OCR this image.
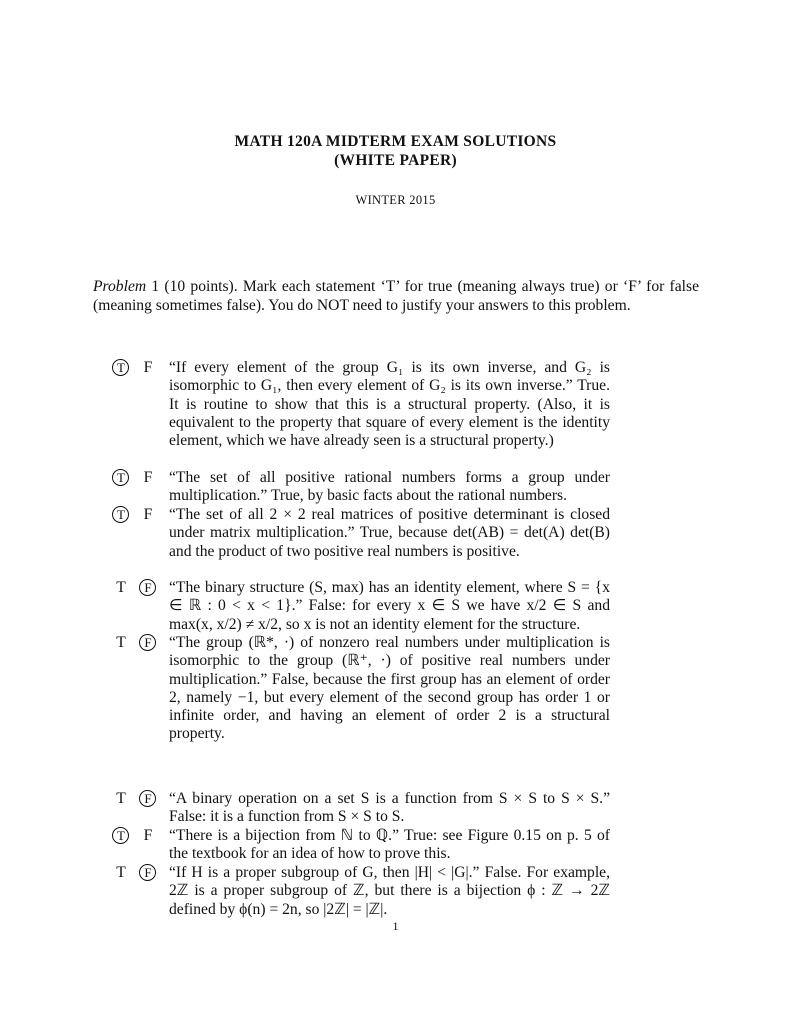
MATH 120A MIDTERM EXAM SOLUTIONS
(WHITE PAPER)
WINTER 2015
Problem 1 (10 points). Mark each statement ‘T’ for true (meaning always true) or ‘F’ for false (meaning sometimes false). You do NOT need to justify your answers to this problem.
T F “If every element of the group G₁ is its own inverse, and G₂ is isomorphic to G₁, then every element of G₂ is its own inverse.” True. It is routine to show that this is a structural property. (Also, it is equivalent to the property that square of every element is the identity element, which we have already seen is a structural property.)
T F “The set of all positive rational numbers forms a group under multiplication.” True, by basic facts about the rational numbers.
T F “The set of all 2 × 2 real matrices of positive determinant is closed under matrix multiplication.” True, because det(AB) = det(A) det(B) and the product of two positive real numbers is positive.
T	F “The binary structure (S, max) has an identity element, where S = {x ∈ ℝ : 0 < x < 1}.” False: for every x ∈ S we have x/2 ∈ S and max(x, x/2) ≠ x/2, so x is not an identity element for the structure.
T	F “The group (ℝ*, ·) of nonzero real numbers under multiplication is isomorphic to the group (ℝ⁺, ·) of positive real numbers under multiplication.” False, because the first group has an element of order 2, namely −1, but every element of the second group has order 1 or infinite order, and having an element of order 2 is a structural property.
T	F “A binary operation on a set S is a function from S × S to S × S.” False: it is a function from S × S to S.
T F “There is a bijection from ℕ to ℚ.” True: see Figure 0.15 on p. 5 of the textbook for an idea of how to prove this.
T	F “If H is a proper subgroup of G, then |H| < |G|.” False. For example, 2ℤ is a proper subgroup of ℤ, but there is a bijection ϕ : ℤ → 2ℤ defined by ϕ(n) = 2n, so |2ℤ| = |ℤ|.
1
